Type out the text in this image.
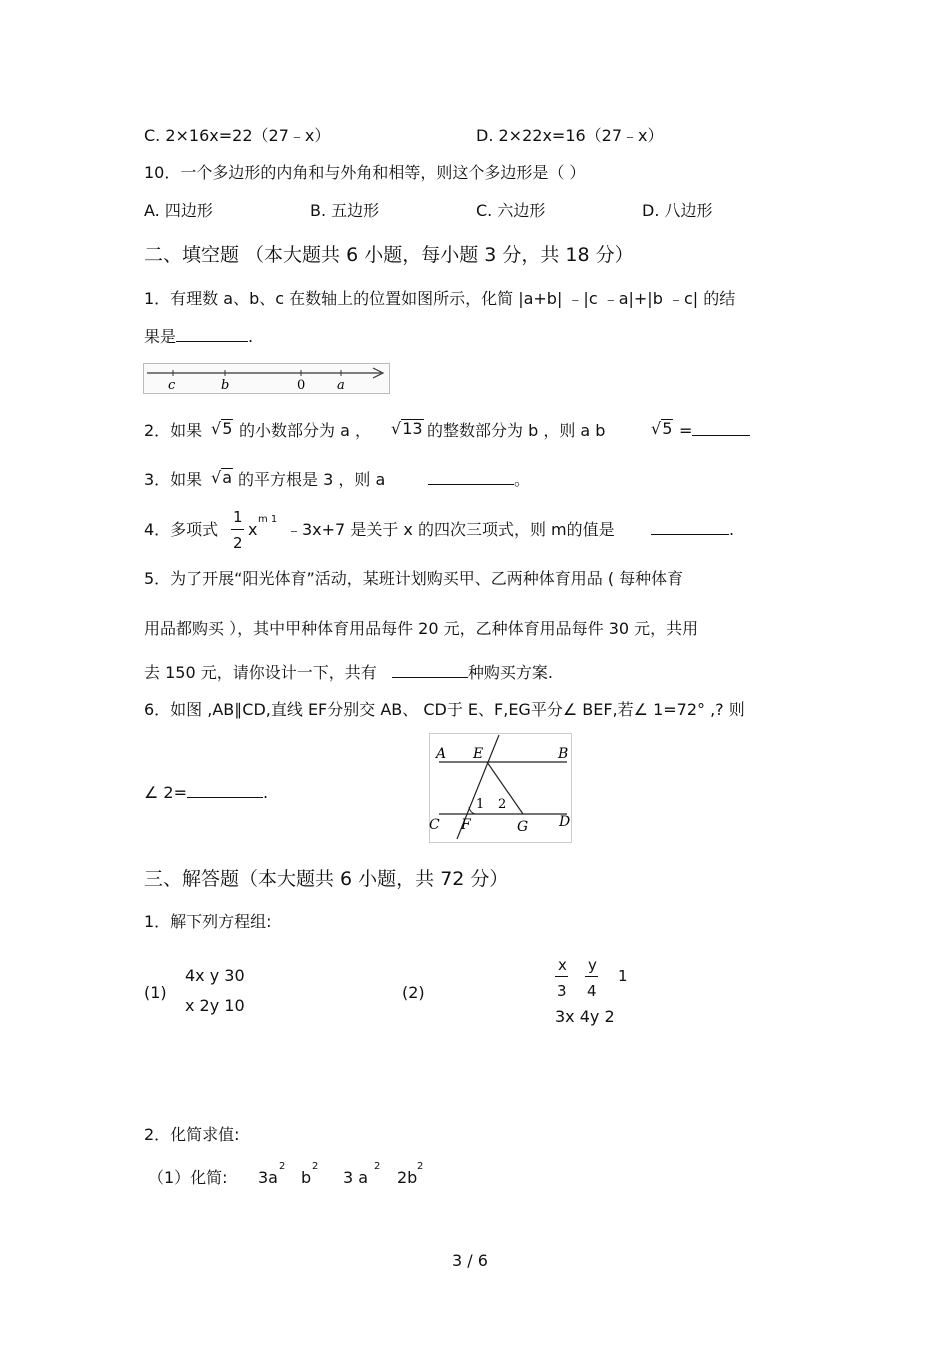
C. 2×16x=22（27﹣x）	D. 2×22x=16（27﹣x）
10．一个多边形的内角和与外角和相等，则这个多边形是（ ）
A. 四边形	B. 五边形	C. 六边形	D. 八边形
二、填空题 （本大题共 6 小题，每小题 3 分，共 18 分）
1．有理数 a、b、c 在数轴上的位置如图所示，化简 |a+b| ﹣|c ﹣a|+|b ﹣c| 的结
果是	.
c	b	0 a
2．如果 √5 的小数部分为 a ， √13 的整数部分为 b ，则 a b	√5 =
3．如果 √a 的平方根是 3 ，则 a	。
4．多项式
1
2
x
m 1
﹣3x+7 是关于 x 的四次三项式，则 m的值是	.
5．为了开展“阳光体育”活动，某班计划购买甲、乙两种体育用品 ( 每种体育
用品都购买 ），其中甲种体育用品每件 20 元，乙种体育用品每件 30 元，共用
去 150 元，请你设计一下，共有	种购买方案.
6．如图 ,AB∥CD,直线 EF分别交 AB、 CD于 E、F,EG平分∠ BEF,若∠ 1=72° ,? 则
∠ 2=	.
A E	B
1 2
C F	G D
三、解答题（本大题共 6 小题，共 72 分）
1．解下列方程组:
(1)
4x y 30
x 2y 10
(2)
x
3
y
4
1
3x 4y 2
2．化简求值:
（1）化简: 3a
2
b
2
3 a
2
2b
2
3 / 6
